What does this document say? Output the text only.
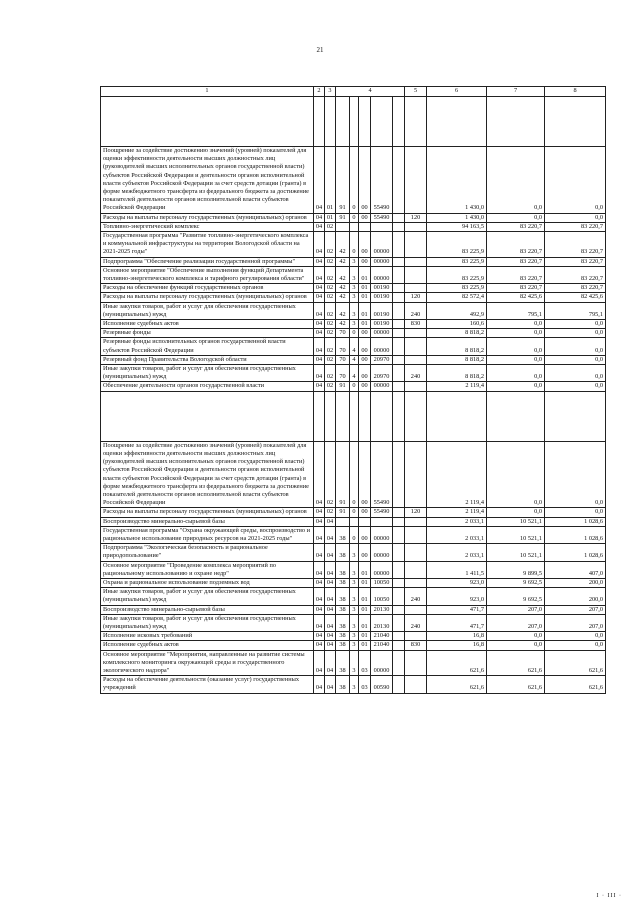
21
1	2	3	4					5	6	7	8

Поощрение за содействие достижению значений (уровней) показателей для оценки эффективности деятельности высших должностных лиц (руководителей высших исполнительных органов государственной власти) субъектов Российской Федерации и деятельности органов исполнительной власти субъектов Российской Федерации за счет средств дотации (гранта) в форме межбюджетного трансферта из федерального бюджета за достижение показателей деятельности органов исполнительной власти субъектов Российской Федерации	04	01	91	0	00	55490			1 430,0	0,0	0,0
Расходы на выплаты персоналу государственных (муниципальных) органов	04	01	91	0	00	55490		120	1 430,0	0,0	0,0
Топливно-энергетический комплекс	04	02							94 163,5	83 220,7	83 220,7
Государственная программа "Развитие топливно-энергетического комплекса и коммунальной инфраструктуры на территории Вологодской области на 2021-2025 годы"	04	02	42	0	00	00000			83 225,9	83 220,7	83 220,7
Подпрограмма "Обеспечение реализации государственной программы"	04	02	42	3	00	00000			83 225,9	83 220,7	83 220,7
Основное мероприятие "Обеспечение выполнения функций Департамента топливно-энергетического комплекса и тарифного регулирования области"	04	02	42	3	01	00000			83 225,9	83 220,7	83 220,7
Расходы на обеспечение функций государственных органов	04	02	42	3	01	00190			83 225,9	83 220,7	83 220,7
Расходы на выплаты персоналу государственных (муниципальных) органов	04	02	42	3	01	00190		120	82 572,4	82 425,6	82 425,6
Иные закупки товаров, работ и услуг для обеспечения государственных (муниципальных) нужд	04	02	42	3	01	00190		240	492,9	795,1	795,1
Исполнение судебных актов	04	02	42	3	01	00190		830	160,6	0,0	0,0
Резервные фонды	04	02	70	0	00	00000			8 818,2	0,0	0,0
Резервные фонды исполнительных органов государственной власти субъектов Российской Федерации	04	02	70	4	00	00000			8 818,2	0,0	0,0
Резервный фонд Правительства Вологодской области	04	02	70	4	00	20970			8 818,2	0,0	0,0
Иные закупки товаров, работ и услуг для обеспечения государственных (муниципальных) нужд	04	02	70	4	00	20970		240	8 818,2	0,0	0,0
Обеспечение деятельности органов государственной власти	04	02	91	0	00	00000			2 119,4	0,0	0,0

Поощрение за содействие достижению значений (уровней) показателей для оценки эффективности деятельности высших должностных лиц (руководителей высших исполнительных органов государственной власти) субъектов Российской Федерации и деятельности органов исполнительной власти субъектов Российской Федерации за счет средств дотации (гранта) в форме межбюджетного трансферта из федерального бюджета за достижение показателей деятельности органов исполнительной власти субъектов Российской Федерации	04	02	91	0	00	55490			2 119,4	0,0	0,0
Расходы на выплаты персоналу государственных (муниципальных) органов	04	02	91	0	00	55490		120	2 119,4	0,0	0,0
Воспроизводство минерально-сырьевой базы	04	04							2 033,1	10 521,1	1 028,6
Государственная программа "Охрана окружающей среды, воспроизводство и рациональное использование природных ресурсов на 2021-2025 годы"	04	04	38	0	00	00000			2 033,1	10 521,1	1 028,6
Подпрограмма "Экологическая безопасность и рациональное природопользование"	04	04	38	3	00	00000			2 033,1	10 521,1	1 028,6
Основное мероприятие "Проведение комплекса мероприятий по рациональному использованию и охране недр"	04	04	38	3	01	00000			1 411,5	9 899,5	407,0
Охрана и рациональное использование подземных вод	04	04	38	3	01	10050			923,0	9 692,5	200,0
Иные закупки товаров, работ и услуг для обеспечения государственных (муниципальных) нужд	04	04	38	3	01	10050		240	923,0	9 692,5	200,0
Воспроизводство минерально-сырьевой базы	04	04	38	3	01	20130			471,7	207,0	207,0
Иные закупки товаров, работ и услуг для обеспечения государственных (муниципальных) нужд	04	04	38	3	01	20130		240	471,7	207,0	207,0
Исполнение исковых требований	04	04	38	3	01	21040			16,8	0,0	0,0
Исполнение судебных актов	04	04	38	3	01	21040		830	16,8	0,0	0,0
Основное мероприятие "Мероприятия, направленные на развитие системы комплексного мониторинга окружающей среды и государственного экологического надзора"	04	04	38	3	03	00000			621,6	621,6	621,6
Расходы на обеспечение деятельности (оказание услуг) государственных учреждений	04	04	38	3	03	00590			621,6	621,6	621,6
I · III ·
